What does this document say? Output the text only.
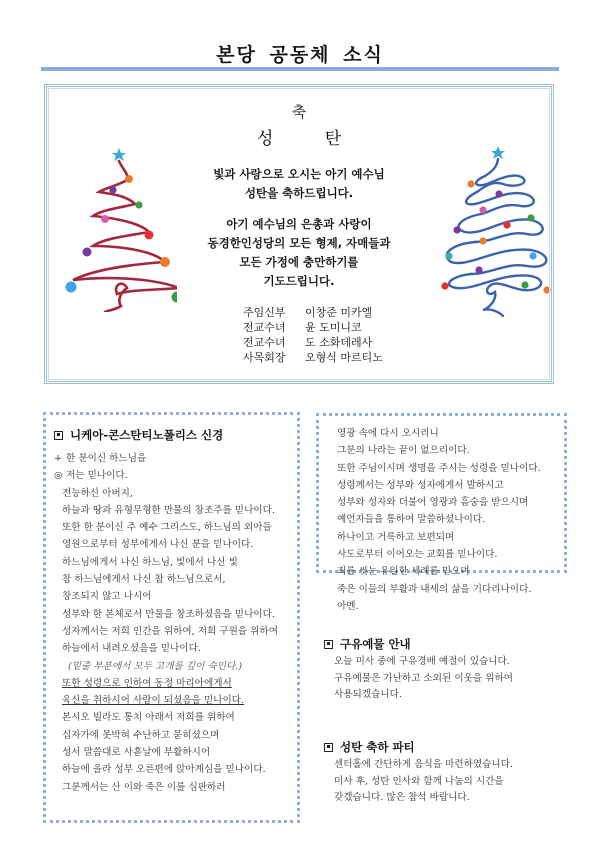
본당 공동체 소식
축
성 탄
빛과 사랑으로 오시는 아기 예수님
성탄을 축하드립니다.
아기 예수님의 은총과 사랑이
동경한인성당의 모든 형제, 자매들과
모든 가정에 충만하기를
기도드립니다.
주임신부	이창준 미카엘
전교수녀	윤 도미니코
전교수녀	도 소화데레사
사목회장	오형식 마르티노
니케아-콘스탄티노폴리스 신경
+ 한 분이신 하느님을
◎ 저는 믿나이다.
전능하신 아버지,
하늘과 땅과 유형무형한 만물의 창조주를 믿나이다.
또한 한 분이신 주 예수 그리스도, 하느님의 외아들
영원으로부터 성부에게서 나신 분을 믿나이다.
하느님에게서 나신 하느님, 빛에서 나신 빛
참 하느님에게서 나신 참 하느님으로서,
창조되지 않고 나시어
성부와 한 본체로서 만물을 창조하셨음을 믿나이다.
성자께서는 저희 인간을 위하여, 저희 구원을 위하여
하늘에서 내려오셨음을 믿나이다.
(밑줄 부분에서 모두 고개를 깊이 숙인다.)
또한 성령으로 인하여 동정 마리아에게서
육신을 취하시어 사람이 되셨음을 믿나이다.
본시오 빌라도 통치 아래서 저희를 위하여
십자가에 못박혀 수난하고 묻히셨으며
성서 말씀대로 사흗날에 부활하시어
하늘에 올라 성부 오른편에 앉아계심을 믿나이다.
그분께서는 산 이와 죽은 이를 심판하러
영광 속에 다시 오시리니
그분의 나라는 끝이 없으리이다.
또한 주님이시며 생명을 주시는 성령을 믿나이다.
성령께서는 성부와 성자에게서 발하시고
성부와 성자와 더불어 영광과 흠숭을 받으시며
예언자들을 통하여 말씀하셨나이다.
하나이고 거룩하고 보편되며
사도로부터 이어오는 교회를 믿나이다.
죄를 씻는 유일한 세례를 믿으며
죽은 이들의 부활과 내세의 삶을 기다리나이다.
아멘.
구유예물 안내
오늘 미사 중에 구유경배 예절이 있습니다.
구유예물은 가난하고 소외된 이웃을 위하여
사용되겠습니다.
성탄 축하 파티
센터홀에 간단하게 음식을 마련하였습니다.
미사 후, 성탄 인사와 함께 나눔의 시간을
갖겠습니다. 많은 참석 바랍니다.
